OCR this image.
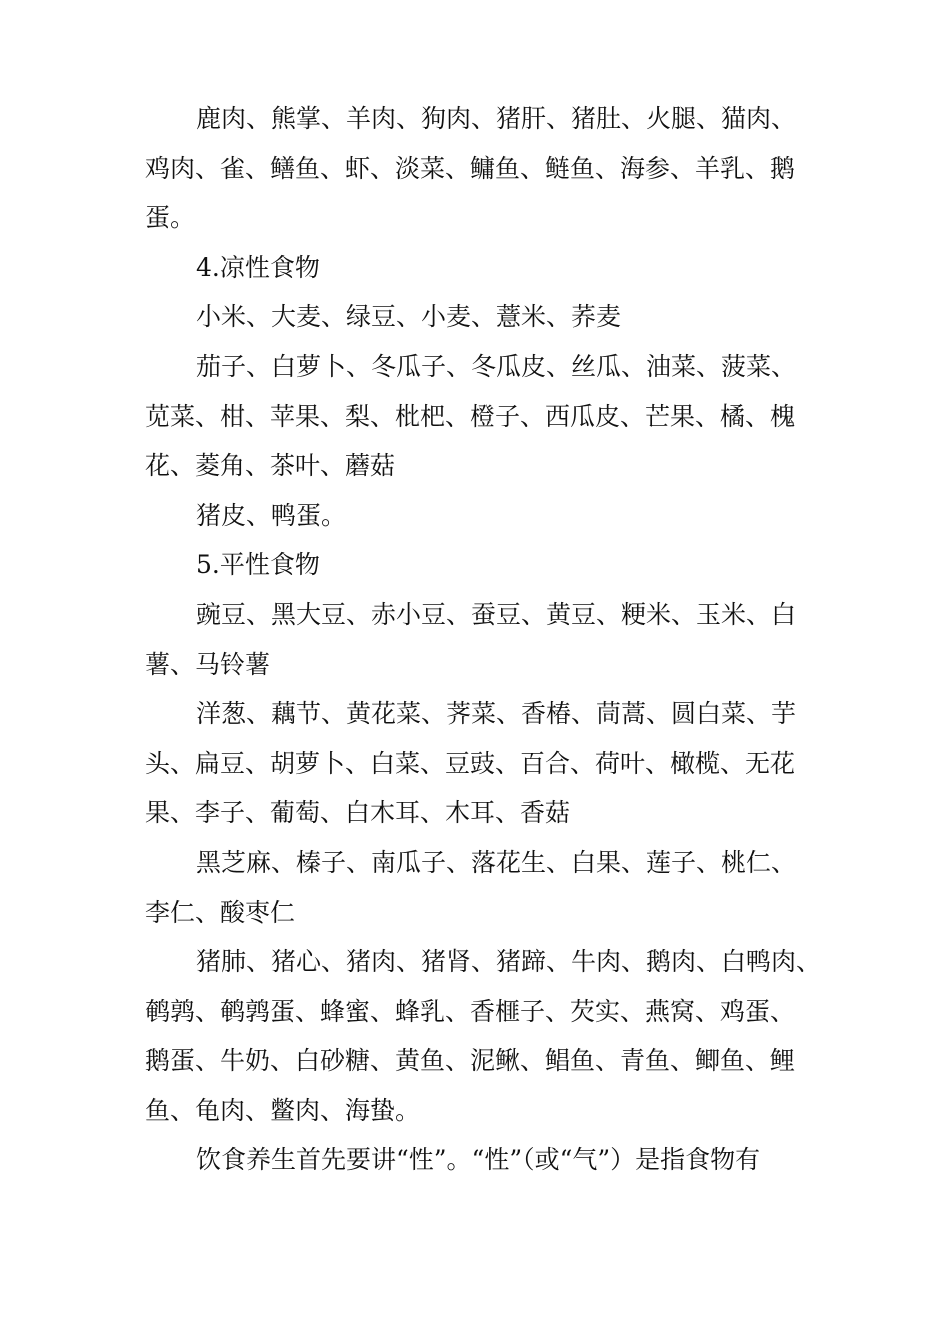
鹿肉、熊掌、羊肉、狗肉、猪肝、猪肚、火腿、猫肉、
鸡肉、雀、鳝鱼、虾、淡菜、鳙鱼、鲢鱼、海参、羊乳、鹅
蛋。

4.凉性食物

小米、大麦、绿豆、小麦、薏米、荞麦

茄子、白萝卜、冬瓜子、冬瓜皮、丝瓜、油菜、菠菜、
苋菜、柑、苹果、梨、枇杷、橙子、西瓜皮、芒果、橘、槐
花、菱角、茶叶、蘑菇

猪皮、鸭蛋。

5.平性食物

豌豆、黑大豆、赤小豆、蚕豆、黄豆、粳米、玉米、白
薯、马铃薯

洋葱、藕节、黄花菜、荠菜、香椿、茼蒿、圆白菜、芋
头、扁豆、胡萝卜、白菜、豆豉、百合、荷叶、橄榄、无花
果、李子、葡萄、白木耳、木耳、香菇

黑芝麻、榛子、南瓜子、落花生、白果、莲子、桃仁、
李仁、酸枣仁

猪肺、猪心、猪肉、猪肾、猪蹄、牛肉、鹅肉、白鸭肉、
鹌鹑、鹌鹑蛋、蜂蜜、蜂乳、香榧子、芡实、燕窝、鸡蛋、
鹅蛋、牛奶、白砂糖、黄鱼、泥鳅、鲳鱼、青鱼、鲫鱼、鲤
鱼、龟肉、鳖肉、海蛰。

饮食养生首先要讲“性”。“性”（或“气”）是指食物有
